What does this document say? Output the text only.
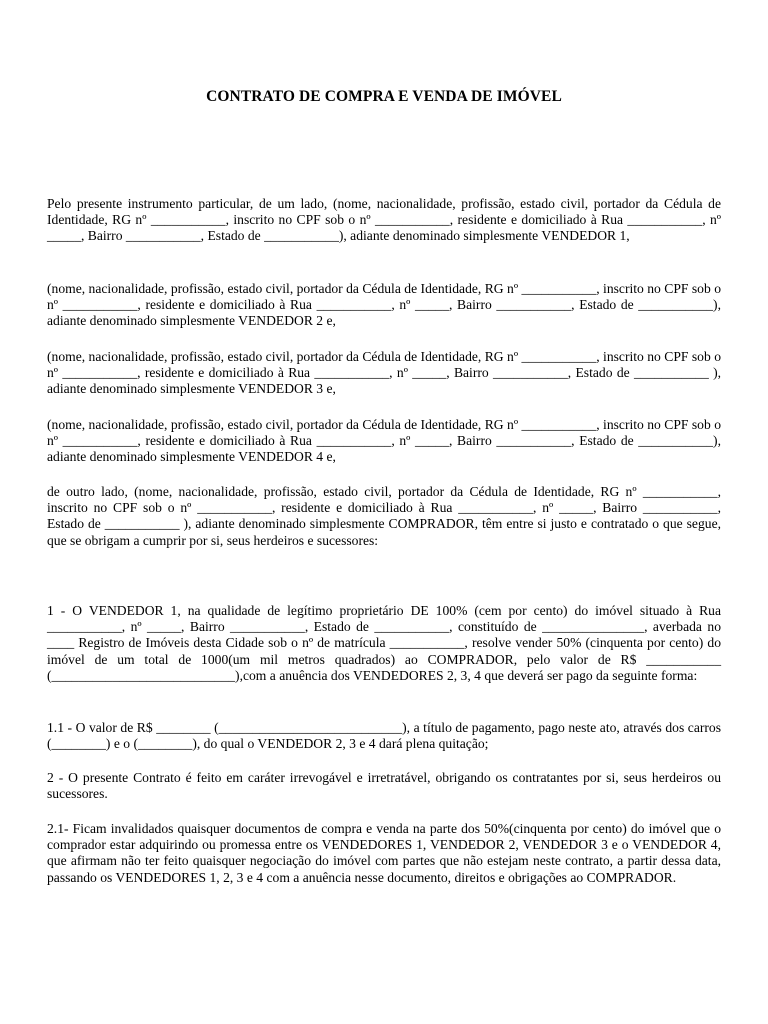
CONTRATO DE COMPRA E VENDA DE IMÓVEL

Pelo presente instrumento particular, de um lado, (nome, nacionalidade, profissão, estado civil, portador da Cédula de Identidade, RG nº ___________, inscrito no CPF sob o nº ___________, residente e domiciliado à Rua ___________, nº _____, Bairro ___________, Estado de ___________), adiante denominado simplesmente VENDEDOR 1,

(nome, nacionalidade, profissão, estado civil, portador da Cédula de Identidade, RG nº ___________, inscrito no CPF sob o nº ___________, residente e domiciliado à Rua ___________, nº _____, Bairro ___________, Estado de ___________), adiante denominado simplesmente VENDEDOR 2 e,

(nome, nacionalidade, profissão, estado civil, portador da Cédula de Identidade, RG nº ___________, inscrito no CPF sob o nº ___________, residente e domiciliado à Rua ___________, nº _____, Bairro ___________, Estado de ___________ ), adiante denominado simplesmente VENDEDOR 3 e,

(nome, nacionalidade, profissão, estado civil, portador da Cédula de Identidade, RG nº ___________, inscrito no CPF sob o nº ___________, residente e domiciliado à Rua ___________, nº _____, Bairro ___________, Estado de ___________), adiante denominado simplesmente VENDEDOR 4 e,

de outro lado, (nome, nacionalidade, profissão, estado civil, portador da Cédula de Identidade, RG nº ___________, inscrito no CPF sob o nº ___________, residente e domiciliado à Rua ___________, nº _____, Bairro ___________, Estado de ___________ ), adiante denominado simplesmente COMPRADOR, têm entre si justo e contratado o que segue, que se obrigam a cumprir por si, seus herdeiros e sucessores:

1 - O VENDEDOR 1, na qualidade de legítimo proprietário DE 100% (cem por cento) do imóvel situado à Rua ___________, nº _____, Bairro ___________, Estado de ___________, constituído de _______________, averbada no ____ Registro de Imóveis desta Cidade sob o nº de matrícula ___________, resolve vender 50% (cinquenta por cento) do imóvel de um total de 1000(um mil metros quadrados) ao COMPRADOR, pelo valor de R$ ___________ (___________________________),com a anuência dos VENDEDORES 2, 3, 4 que deverá ser pago da seguinte forma:

1.1 - O valor de R$ ________ (___________________________), a título de pagamento, pago neste ato, através dos carros (________) e o (________), do qual o VENDEDOR 2, 3 e 4 dará plena quitação;

2 - O presente Contrato é feito em caráter irrevogável e irretratável, obrigando os contratantes por si, seus herdeiros ou sucessores.

2.1- Ficam invalidados quaisquer documentos de compra e venda na parte dos 50%(cinquenta por cento) do imóvel que o comprador estar adquirindo ou promessa entre os VENDEDORES 1, VENDEDOR 2, VENDEDOR 3 e o VENDEDOR 4, que afirmam não ter feito quaisquer negociação do imóvel com partes que não estejam neste contrato, a partir dessa data, passando os VENDEDORES 1, 2, 3 e 4 com a anuência nesse documento, direitos e obrigações ao COMPRADOR.
